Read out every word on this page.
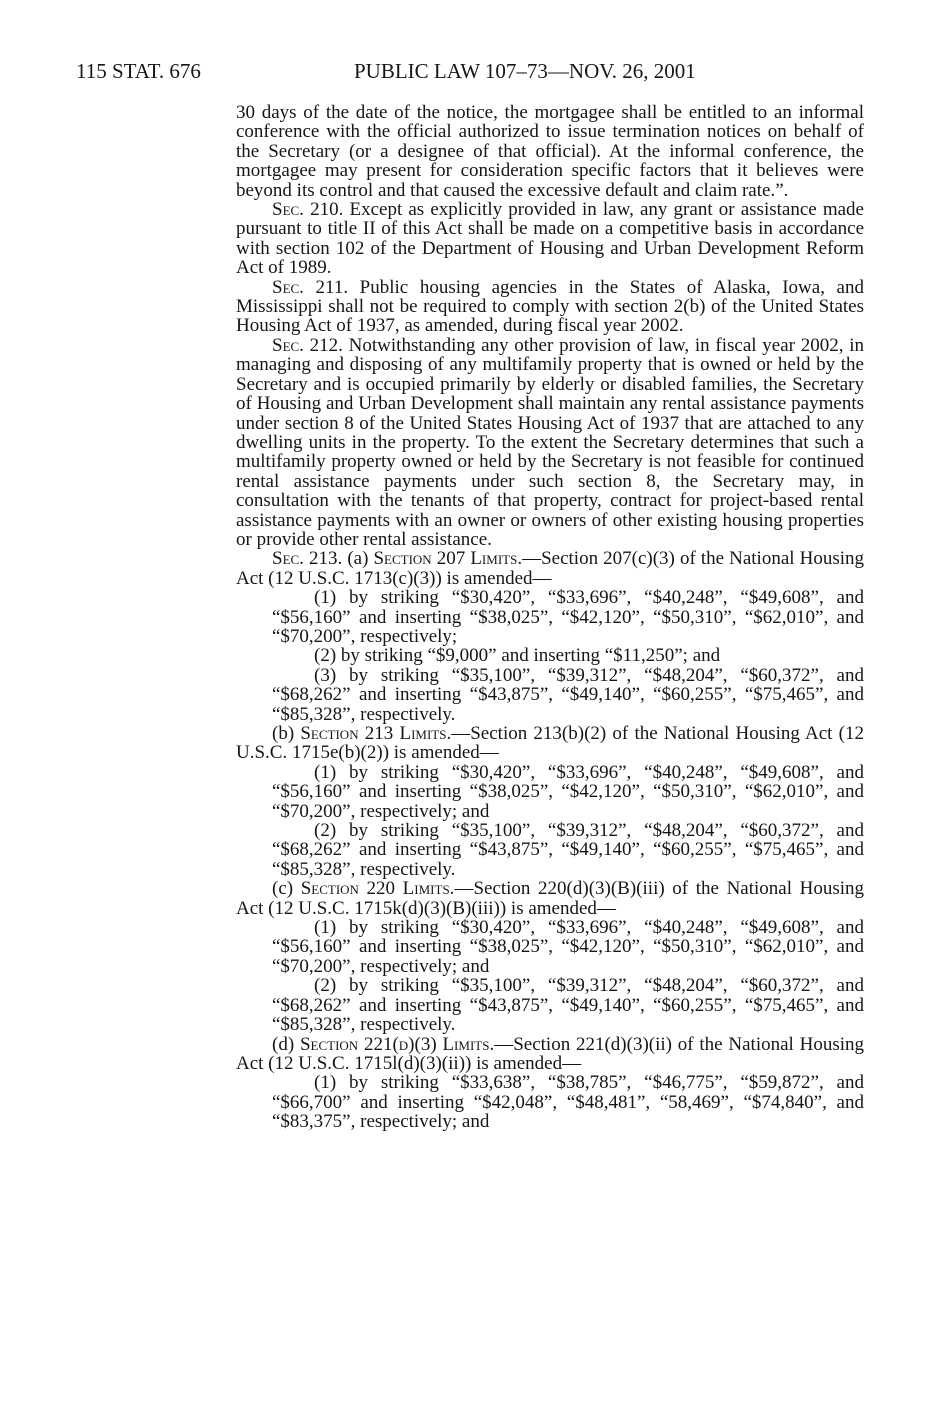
115 STAT. 676	PUBLIC LAW 107–73—NOV. 26, 2001

30 days of the date of the notice, the mortgagee shall be entitled to an informal conference with the official authorized to issue termination notices on behalf of the Secretary (or a designee of that official). At the informal conference, the mortgagee may present for consideration specific factors that it believes were beyond its control and that caused the excessive default and claim rate.”.

Sec. 210. Except as explicitly provided in law, any grant or assistance made pursuant to title II of this Act shall be made on a competitive basis in accordance with section 102 of the Department of Housing and Urban Development Reform Act of 1989.

Sec. 211. Public housing agencies in the States of Alaska, Iowa, and Mississippi shall not be required to comply with section 2(b) of the United States Housing Act of 1937, as amended, during fiscal year 2002.

Sec. 212. Notwithstanding any other provision of law, in fiscal year 2002, in managing and disposing of any multifamily property that is owned or held by the Secretary and is occupied primarily by elderly or disabled families, the Secretary of Housing and Urban Development shall maintain any rental assistance payments under section 8 of the United States Housing Act of 1937 that are attached to any dwelling units in the property. To the extent the Secretary determines that such a multifamily property owned or held by the Secretary is not feasible for continued rental assistance payments under such section 8, the Secretary may, in consultation with the tenants of that property, contract for project-based rental assistance payments with an owner or owners of other existing housing properties or provide other rental assistance.

Sec. 213. (a) Section 207 Limits.—Section 207(c)(3) of the National Housing Act (12 U.S.C. 1713(c)(3)) is amended—

(1) by striking “$30,420”, “$33,696”, “$40,248”, “$49,608”, and “$56,160” and inserting “$38,025”, “$42,120”, “$50,310”, “$62,010”, and “$70,200”, respectively;

(2) by striking “$9,000” and inserting “$11,250”; and

(3) by striking “$35,100”, “$39,312”, “$48,204”, “$60,372”, and “$68,262” and inserting “$43,875”, “$49,140”, “$60,255”, “$75,465”, and “$85,328”, respectively.

(b) Section 213 Limits.—Section 213(b)(2) of the National Housing Act (12 U.S.C. 1715e(b)(2)) is amended—

(1) by striking “$30,420”, “$33,696”, “$40,248”, “$49,608”, and “$56,160” and inserting “$38,025”, “$42,120”, “$50,310”, “$62,010”, and “$70,200”, respectively; and

(2) by striking “$35,100”, “$39,312”, “$48,204”, “$60,372”, and “$68,262” and inserting “$43,875”, “$49,140”, “$60,255”, “$75,465”, and “$85,328”, respectively.

(c) Section 220 Limits.—Section 220(d)(3)(B)(iii) of the National Housing Act (12 U.S.C. 1715k(d)(3)(B)(iii)) is amended—

(1) by striking “$30,420”, “$33,696”, “$40,248”, “$49,608”, and “$56,160” and inserting “$38,025”, “$42,120”, “$50,310”, “$62,010”, and “$70,200”, respectively; and

(2) by striking “$35,100”, “$39,312”, “$48,204”, “$60,372”, and “$68,262” and inserting “$43,875”, “$49,140”, “$60,255”, “$75,465”, and “$85,328”, respectively.

(d) Section 221(d)(3) Limits.—Section 221(d)(3)(ii) of the National Housing Act (12 U.S.C. 1715l(d)(3)(ii)) is amended—

(1) by striking “$33,638”, “$38,785”, “$46,775”, “$59,872”, and “$66,700” and inserting “$42,048”, “$48,481”, “58,469”, “$74,840”, and “$83,375”, respectively; and
